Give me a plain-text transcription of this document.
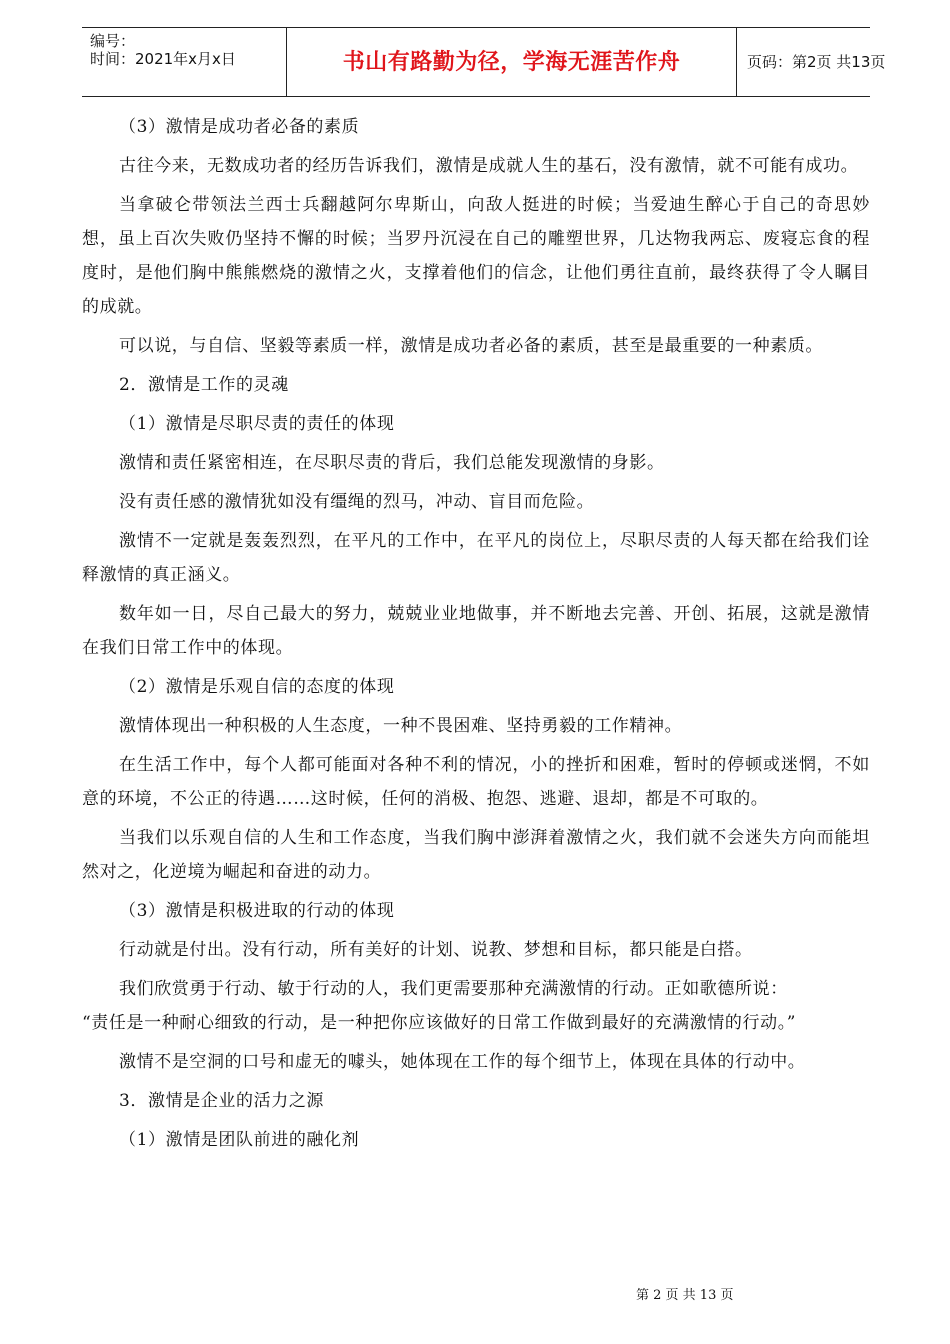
编号：
时间：2021年x月x日	书山有路勤为径，学海无涯苦作舟	页码：第2页 共13页

（3）激情是成功者必备的素质

古往今来，无数成功者的经历告诉我们，激情是成就人生的基石，没有激情，就不可能有成功。

当拿破仑带领法兰西士兵翻越阿尔卑斯山，向敌人挺进的时候；当爱迪生醉心于自己的奇思妙想，虽上百次失败仍坚持不懈的时候；当罗丹沉浸在自己的雕塑世界，几达物我两忘、废寝忘食的程度时，是他们胸中熊熊燃烧的激情之火，支撑着他们的信念，让他们勇往直前，最终获得了令人瞩目的成就。

可以说，与自信、坚毅等素质一样，激情是成功者必备的素质，甚至是最重要的一种素质。

2．激情是工作的灵魂

（1）激情是尽职尽责的责任的体现

激情和责任紧密相连，在尽职尽责的背后，我们总能发现激情的身影。

没有责任感的激情犹如没有缰绳的烈马，冲动、盲目而危险。

激情不一定就是轰轰烈烈，在平凡的工作中，在平凡的岗位上，尽职尽责的人每天都在给我们诠释激情的真正涵义。

数年如一日，尽自己最大的努力，兢兢业业地做事，并不断地去完善、开创、拓展，这就是激情在我们日常工作中的体现。

（2）激情是乐观自信的态度的体现

激情体现出一种积极的人生态度，一种不畏困难、坚持勇毅的工作精神。

在生活工作中，每个人都可能面对各种不利的情况，小的挫折和困难，暂时的停顿或迷惘，不如意的环境，不公正的待遇……这时候，任何的消极、抱怨、逃避、退却，都是不可取的。

当我们以乐观自信的人生和工作态度，当我们胸中澎湃着激情之火，我们就不会迷失方向而能坦然对之，化逆境为崛起和奋进的动力。

（3）激情是积极进取的行动的体现

行动就是付出。没有行动，所有美好的计划、说教、梦想和目标，都只能是白搭。

我们欣赏勇于行动、敏于行动的人，我们更需要那种充满激情的行动。正如歌德所说：

“责任是一种耐心细致的行动，是一种把你应该做好的日常工作做到最好的充满激情的行动。”

激情不是空洞的口号和虚无的噱头，她体现在工作的每个细节上，体现在具体的行动中。

3．激情是企业的活力之源

（1）激情是团队前进的融化剂

第 2 页 共 13 页
